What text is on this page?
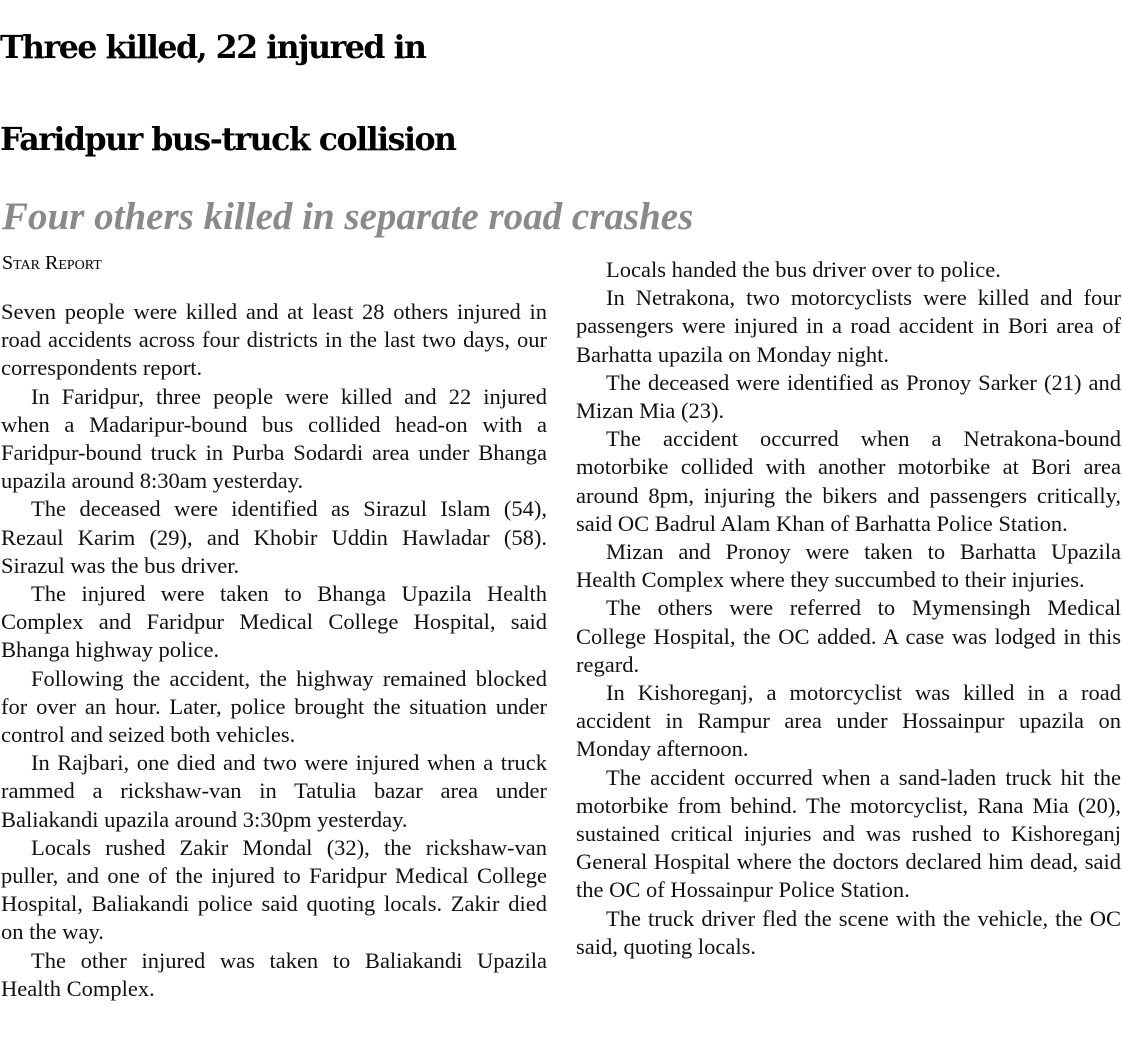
Three killed, 22 injured in
Faridpur bus-truck collision
Four others killed in separate road crashes
Star Report

Seven people were killed and at least 28 others injured in road accidents across four districts in the last two days, our correspondents report.

In Faridpur, three people were killed and 22 injured when a Madaripur-bound bus collided head-on with a Faridpur-bound truck in Purba Sodardi area under Bhanga upazila around 8:30am yesterday.

The deceased were identified as Sirazul Islam (54), Rezaul Karim (29), and Khobir Uddin Hawladar (58). Sirazul was the bus driver.

The injured were taken to Bhanga Upazila Health Complex and Faridpur Medical College Hospital, said Bhanga highway police.

Following the accident, the highway remained blocked for over an hour. Later, police brought the situation under control and seized both vehicles.

In Rajbari, one died and two were injured when a truck rammed a rickshaw-van in Tatulia bazar area under Baliakandi upazila around 3:30pm yesterday.

Locals rushed Zakir Mondal (32), the rickshaw-van puller, and one of the injured to Faridpur Medical College Hospital, Baliakandi police said quoting locals. Zakir died on the way.

The other injured was taken to Baliakandi Upazila Health Complex.

Locals handed the bus driver over to police.

In Netrakona, two motorcyclists were killed and four passengers were injured in a road accident in Bori area of Barhatta upazila on Monday night.

The deceased were identified as Pronoy Sarker (21) and Mizan Mia (23).

The accident occurred when a Netrakona-bound motorbike collided with another motorbike at Bori area around 8pm, injuring the bikers and passengers critically, said OC Badrul Alam Khan of Barhatta Police Station.

Mizan and Pronoy were taken to Barhatta Upazila Health Complex where they succumbed to their injuries.

The others were referred to Mymensingh Medical College Hospital, the OC added. A case was lodged in this regard.

In Kishoreganj, a motorcyclist was killed in a road accident in Rampur area under Hossainpur upazila on Monday afternoon.

The accident occurred when a sand-laden truck hit the motorbike from behind. The motorcyclist, Rana Mia (20), sustained critical injuries and was rushed to Kishoreganj General Hospital where the doctors declared him dead, said the OC of Hossainpur Police Station.

The truck driver fled the scene with the vehicle, the OC said, quoting locals.
